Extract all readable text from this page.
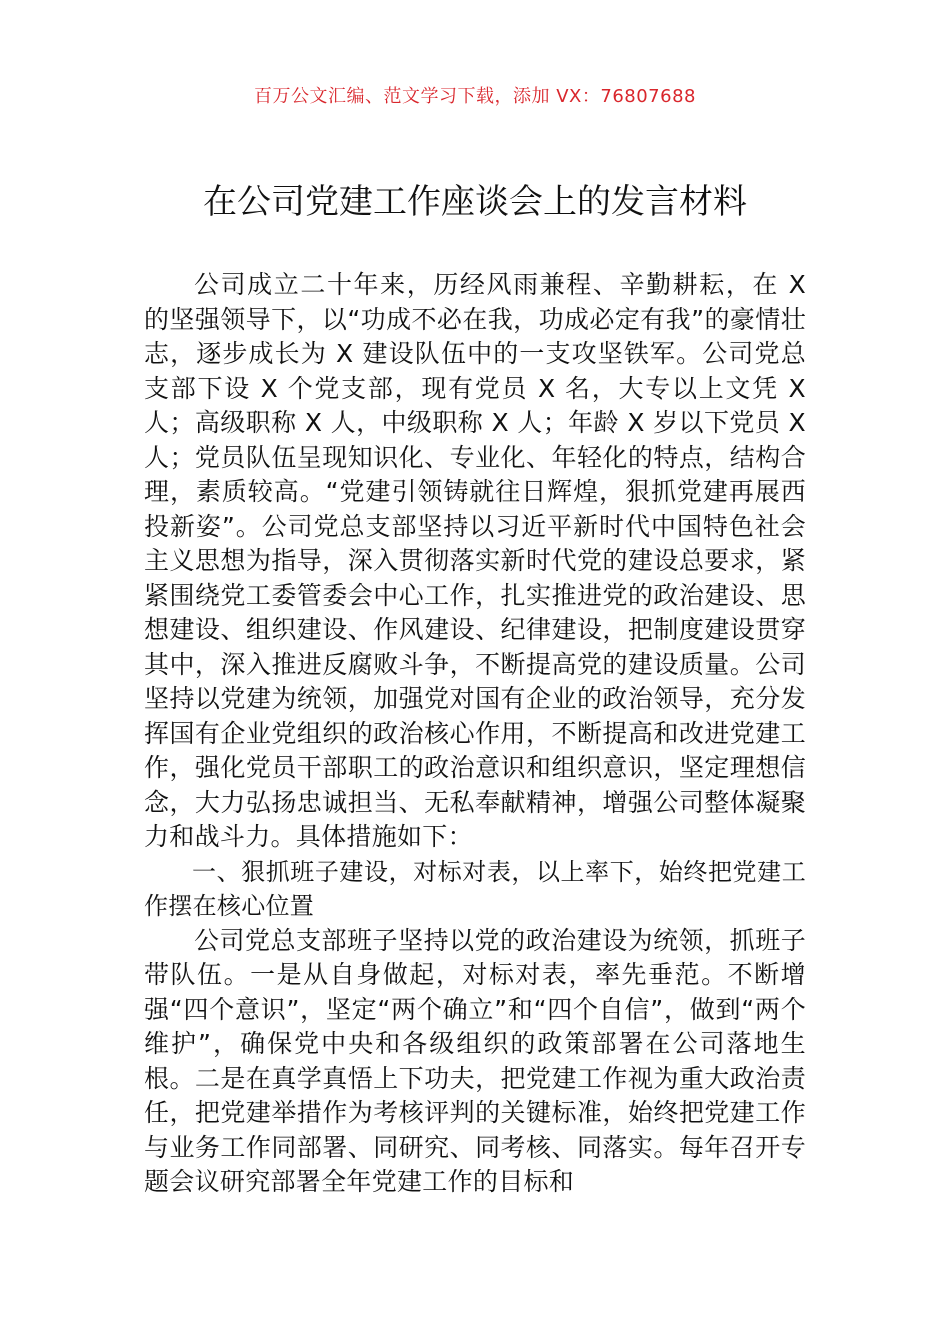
百万公文汇编、范文学习下载，添加 VX：76807688
在公司党建工作座谈会上的发言材料

公司成立二十年来，历经风雨兼程、辛勤耕耘，在 X 的坚强领导下，以“功成不必在我，功成必定有我”的豪情壮志，逐步成长为 X 建设队伍中的一支攻坚铁军。公司党总支部下设 X 个党支部，现有党员 X 名，大专以上文凭 X 人；高级职称 X 人，中级职称 X 人；年龄 X 岁以下党员 X 人；党员队伍呈现知识化、专业化、年轻化的特点，结构合理，素质较高。“党建引领铸就往日辉煌，狠抓党建再展西投新姿”。公司党总支部坚持以习近平新时代中国特色社会主义思想为指导，深入贯彻落实新时代党的建设总要求，紧紧围绕党工委管委会中心工作，扎实推进党的政治建设、思想建设、组织建设、作风建设、纪律建设，把制度建设贯穿其中，深入推进反腐败斗争，不断提高党的建设质量。公司坚持以党建为统领，加强党对国有企业的政治领导，充分发挥国有企业党组织的政治核心作用，不断提高和改进党建工作，强化党员干部职工的政治意识和组织意识，坚定理想信念，大力弘扬忠诚担当、无私奉献精神，增强公司整体凝聚力和战斗力。具体措施如下：

一、狠抓班子建设，对标对表，以上率下，始终把党建工作摆在核心位置

公司党总支部班子坚持以党的政治建设为统领，抓班子带队伍。一是从自身做起，对标对表，率先垂范。不断增强“四个意识”，坚定“两个确立”和“四个自信”，做到“两个维护”，确保党中央和各级组织的政策部署在公司落地生根。二是在真学真悟上下功夫，把党建工作视为重大政治责任，把党建举措作为考核评判的关键标准，始终把党建工作与业务工作同部署、同研究、同考核、同落实。每年召开专题会议研究部署全年党建工作的目标和
